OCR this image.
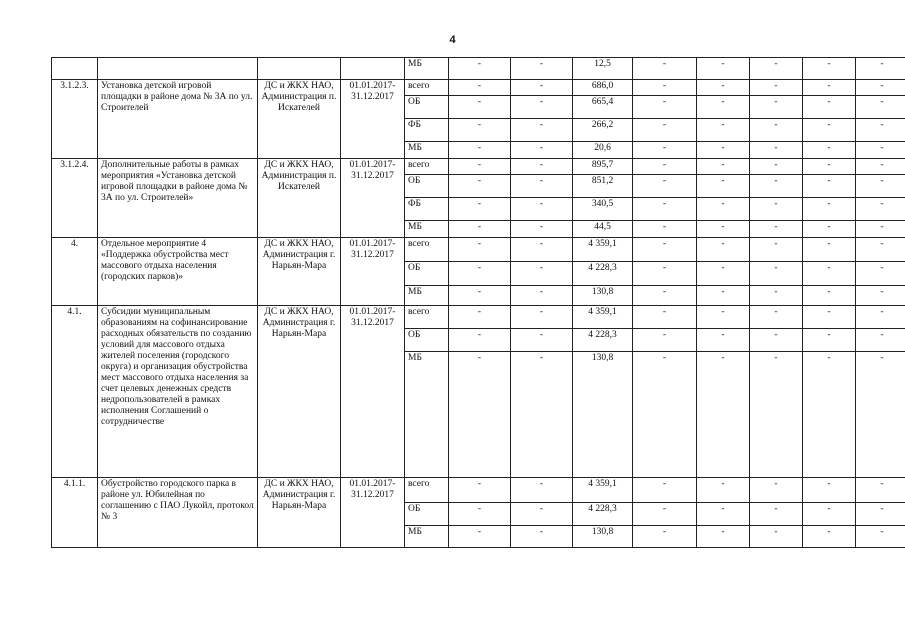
4
				МБ	-	-	12,5	-	-	-	-	-
3.1.2.3.	Установка детской игровой площадки в районе дома № 3А по ул. Строителей	ДС и ЖКХ НАО, Администрация п. Искателей	01.01.2017-31.12.2017	всего	-	-	686,0	-	-	-	-	-
				ОБ	-	-	665,4	-	-	-	-	-
				ФБ	-	-	266,2	-	-	-	-	-
				МБ	-	-	20,6	-	-	-	-	-
3.1.2.4.	Дополнительные работы в рамках мероприятия «Установка детской игровой площадки в районе дома № 3А по ул. Строителей»	ДС и ЖКХ НАО, Администрация п. Искателей	01.01.2017-31.12.2017	всего	-	-	895,7	-	-	-	-	-
				ОБ	-	-	851,2	-	-	-	-	-
				ФБ	-	-	340,5	-	-	-	-	-
				МБ	-	-	44,5	-	-	-	-	-
4.	Отдельное мероприятие 4 «Поддержка обустройства мест массового отдыха населения (городских парков)»	ДС и ЖКХ НАО, Администрация г. Нарьян-Мара	01.01.2017-31.12.2017	всего	-	-	4 359,1	-	-	-	-	-
				ОБ	-	-	4 228,3	-	-	-	-	-
				МБ	-	-	130,8	-	-	-	-	-
4.1.	Субсидии муниципальным образованиям на софинансирование расходных обязательств по созданию условий для массового отдыха жителей поселения (городского округа) и организация обустройства мест массового отдыха населения за счет целевых денежных средств недропользователей в рамках исполнения Соглашений о сотрудничестве	ДС и ЖКХ НАО, Администрация г. Нарьян-Мара	01.01.2017-31.12.2017	всего	-	-	4 359,1	-	-	-	-	-
				ОБ	-	-	4 228,3	-	-	-	-	-
				МБ	-	-	130,8	-	-	-	-	-
4.1.1.	Обустройство городского парка в районе ул. Юбилейная по соглашению с ПАО Лукойл, протокол № 3	ДС и ЖКХ НАО, Администрация г. Нарьян-Мара	01.01.2017-31.12.2017	всего	-	-	4 359,1	-	-	-	-	-
				ОБ	-	-	4 228,3	-	-	-	-	-
				МБ	-	-	130,8	-	-	-	-	-
